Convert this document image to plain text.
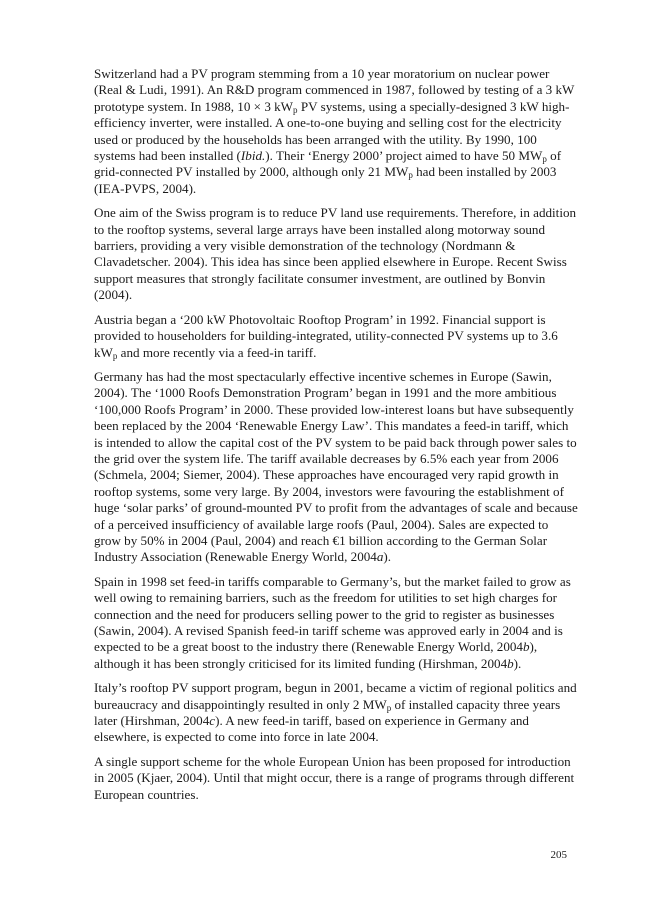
Switzerland had a PV program stemming from a 10 year moratorium on nuclear power (Real & Ludi, 1991). An R&D program commenced in 1987, followed by testing of a 3 kW prototype system. In 1988, 10 × 3 $kW_p$ PV systems, using a specially-designed 3 kW high-efficiency inverter, were installed. A one-to-one buying and selling cost for the electricity used or produced by the households has been arranged with the utility. By 1990, 100 systems had been installed (Ibid.). Their ‘Energy 2000’ project aimed to have 50 $MW_p$ of grid-connected PV installed by 2000, although only 21 $MW_p$ had been installed by 2003 (IEA-PVPS, 2004).

One aim of the Swiss program is to reduce PV land use requirements. Therefore, in addition to the rooftop systems, several large arrays have been installed along motorway sound barriers, providing a very visible demonstration of the technology (Nordmann & Clavadetscher. 2004). This idea has since been applied elsewhere in Europe. Recent Swiss support measures that strongly facilitate consumer investment, are outlined by Bonvin (2004).

Austria began a ‘200 kW Photovoltaic Rooftop Program’ in 1992. Financial support is provided to householders for building-integrated, utility-connected PV systems up to 3.6 $kW_p$ and more recently via a feed-in tariff.

Germany has had the most spectacularly effective incentive schemes in Europe (Sawin, 2004). The ‘1000 Roofs Demonstration Program’ began in 1991 and the more ambitious ‘100,000 Roofs Program’ in 2000. These provided low-interest loans but have subsequently been replaced by the 2004 ‘Renewable Energy Law’. This mandates a feed-in tariff, which is intended to allow the capital cost of the PV system to be paid back through power sales to the grid over the system life. The tariff available decreases by 6.5% each year from 2006 (Schmela, 2004; Siemer, 2004). These approaches have encouraged very rapid growth in rooftop systems, some very large. By 2004, investors were favouring the establishment of huge ‘solar parks’ of ground-mounted PV to profit from the advantages of scale and because of a perceived insufficiency of available large roofs (Paul, 2004). Sales are expected to grow by 50% in 2004 (Paul, 2004) and reach €1 billion according to the German Solar Industry Association (Renewable Energy World, 2004a).

Spain in 1998 set feed-in tariffs comparable to Germany’s, but the market failed to grow as well owing to remaining barriers, such as the freedom for utilities to set high charges for connection and the need for producers selling power to the grid to register as businesses (Sawin, 2004). A revised Spanish feed-in tariff scheme was approved early in 2004 and is expected to be a great boost to the industry there (Renewable Energy World, 2004b), although it has been strongly criticised for its limited funding (Hirshman, 2004b).

Italy’s rooftop PV support program, begun in 2001, became a victim of regional politics and bureaucracy and disappointingly resulted in only 2 $MW_p$ of installed capacity three years later (Hirshman, 2004c). A new feed-in tariff, based on experience in Germany and elsewhere, is expected to come into force in late 2004.

A single support scheme for the whole European Union has been proposed for introduction in 2005 (Kjaer, 2004). Until that might occur, there is a range of programs through different European countries.

205
